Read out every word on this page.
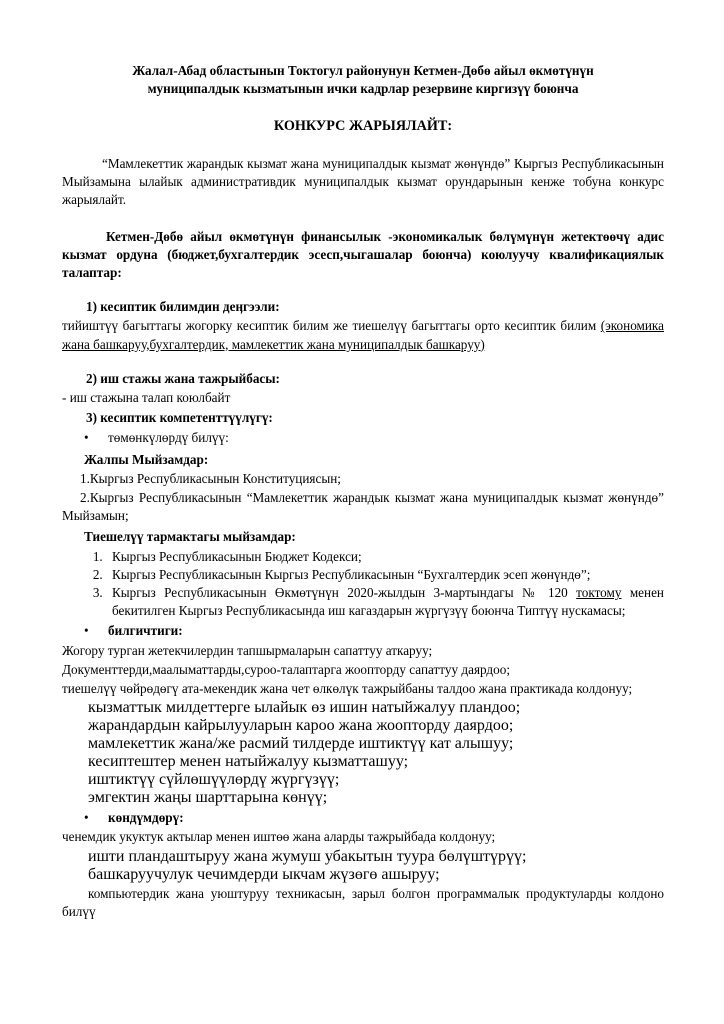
Жалал-Абад областынын Токтогул районунун Кетмен-Дөбө айыл өкмөтүнүн

муниципалдык кызматынын ички кадрлар резервине киргизүү боюнча

КОНКУРС ЖАРЫЯЛАЙТ:

“Мамлекеттик жарандык кызмат жана муниципалдык кызмат жөнүндө” Кыргыз Республикасынын Мыйзамына ылайык административдик муниципалдык кызмат орундарынын кенже тобуна конкурс жарыялайт.

Кетмен-Дөбө айыл өкмөтүнүн финансылык -экономикалык бөлүмүнүн жетектөөчү адис кызмат ордуна (бюджет,бухгалтердик эсесп,чыгашалар боюнча) коюлуучу квалификациялык талаптар:

1) кесиптик билимдин деӊгээли:

тийиштүү багыттагы жогорку кесиптик билим же тиешелүү багыттагы орто кесиптик билим (экономика жана башкаруу,бухгалтердик, мамлекеттик жана муниципалдык башкаруу)

2) иш стажы жана тажрыйбасы:

- иш стажына талап коюлбайт

3) кесиптик компетенттүүлүгү:

• төмөнкүлөрдү билүү:

Жалпы Мыйзамдар:

1.Кыргыз Республикасынын Конституциясын;

2.Кыргыз Республикасынын “Мамлекеттик жарандык кызмат жана муниципалдык кызмат жөнүндө” Мыйзамын;

Тиешелүү тармактагы мыйзамдар:

1. Кыргыз Республикасынын Бюджет Кодекси;
2. Кыргыз Республикасынын Кыргыз Республикасынын “Бухгалтердик эсеп жөнүндө”;
3. Кыргыз Республикасынын Өкмөтүнүн 2020-жылдын 3-мартындагы № 120 токтому менен бекитилген Кыргыз Республикасында иш кагаздарын жүргүзүү боюнча Типтүү нускамасы;
• билгичтиги:

Жогору турган жетекчилердин тапшырмаларын сапаттуу аткаруу;

Документтерди,маалыматтарды,суроо-талаптарга жоопторду сапаттуу даярдоо;

тиешелүү чөйрөдөгү ата-мекендик жана чет өлкөлүк тажрыйбаны талдоо жана практикада колдонуу;

кызматтык милдеттерге ылайык өз ишин натыйжалуу пландоо;
жарандардын кайрылууларын кароо жана жоопторду даярдоо;
мамлекеттик жана/же расмий тилдерде иштиктүү кат алышуу;
кесиптештер менен натыйжалуу кызматташуу;
иштиктүү сүйлөшүүлөрдү жүргүзүү;
эмгектин жаңы шарттарына көнүү;
• көндүмдөрү:

ченемдик укуктук актылар менен иштөө жана аларды тажрыйбада колдонуу;

ишти пландаштыруу жана жумуш убакытын туура бөлүштүрүү;
башкаруучулук чечимдерди ыкчам жүзөгө ашыруу;

компьютердик жана уюштуруу техникасын, зарыл болгон программалык продуктуларды колдоно билүү
